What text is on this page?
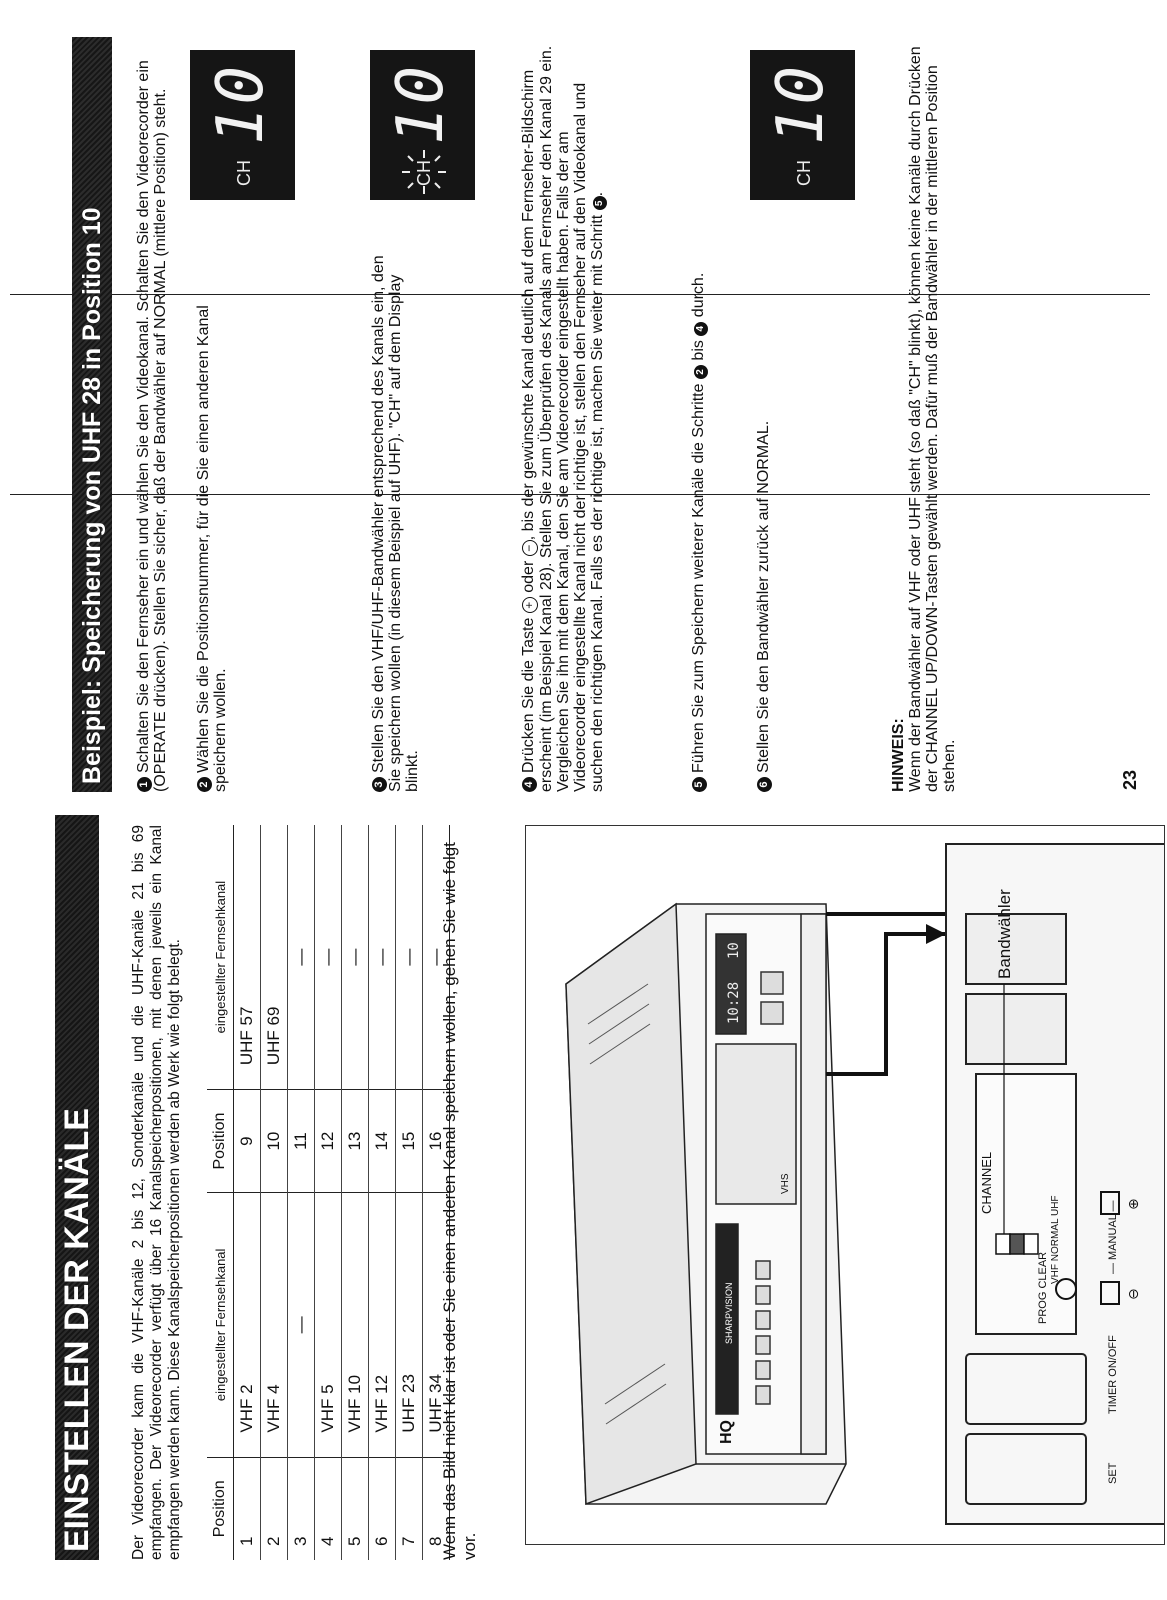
EINSTELLEN DER KANÄLE Der Videorecorder kann die VHF-Kanäle 2 bis 12, Sonderkanäle und die UHF-Kanäle 21 bis 69 empfangen. Der Videorecorder verfügt über 16 Kanalspeicherpositionen, mit denen jeweils ein Kanal empfangen werden kann. Diese Kanalspeicherpositionen werden ab Werk wie folgt belegt. Position	eingestellter Fernsehkanal	Position	eingestellter Fernsehkanal
1	VHF 2	9	UHF 57
2	VHF 4	10	UHF 69
3	—	11	—
4	VHF 5	12	—
5	VHF 10	13	—
6	VHF 12	14	—
7	UHF 23	15	—
8	UHF 34	16	—
Wenn das Bild nicht klar ist oder Sie einen anderen Kanal speichern wollen, gehen Sie wie folgt vor.
SHARPVISION
HQ
VHS
10:28
10
SET
TIMER ON/OFF
PROG CLEAR
CHANNEL
VHF NORMAL UHF	— MANUAL —
⊖
⊕
Bandwähler
Beispiel: Speicherung von UHF 28 in Position 10
1Schalten Sie den Fernseher ein und wählen Sie den Videokanal. Schalten Sie den Videorecorder ein (OPERATE drücken). Stellen Sie sicher, daß der Bandwähler auf NORMAL (mittlere Position) steht.	2Wählen Sie die Positionsnummer, für die Sie einen anderen Kanal speichern wollen.	3Stellen Sie den VHF/UHF-Bandwähler entsprechend des Kanals ein, den Sie speichern wollen (in diesem Beispiel auf UHF). "CH" auf dem Display blinkt.	4Drücken Sie die Taste + oder −, bis der gewünschte Kanal deutlich auf dem Fernseher-Bildschirm erscheint (im Beispiel Kanal 28). Stellen Sie zum Überprüfen des Kanals am Fernseher den Kanal 29 ein. Vergleichen Sie ihn mit dem Kanal, den Sie am Videorecorder eingestellt haben. Falls der am Videorecorder eingestellte Kanal nicht der richtige ist, stellen den Fernseher auf den Videokanal und suchen den richtigen Kanal. Falls es der richtige ist, machen Sie weiter mit Schritt 5.
5Führen Sie zum Speichern weiterer Kanäle die Schritte 2 bis 4 durch.
6Stellen Sie den Bandwähler zurück auf NORMAL.
CH
10
CH
10
CH
10
HINWEIS: Wenn der Bandwähler auf VHF oder UHF steht (so daß "CH" blinkt), können keine Kanäle durch Drücken der CHANNEL UP/DOWN-Tasten gewählt werden. Dafür muß der Bandwähler in der mittleren Position stehen.	23
